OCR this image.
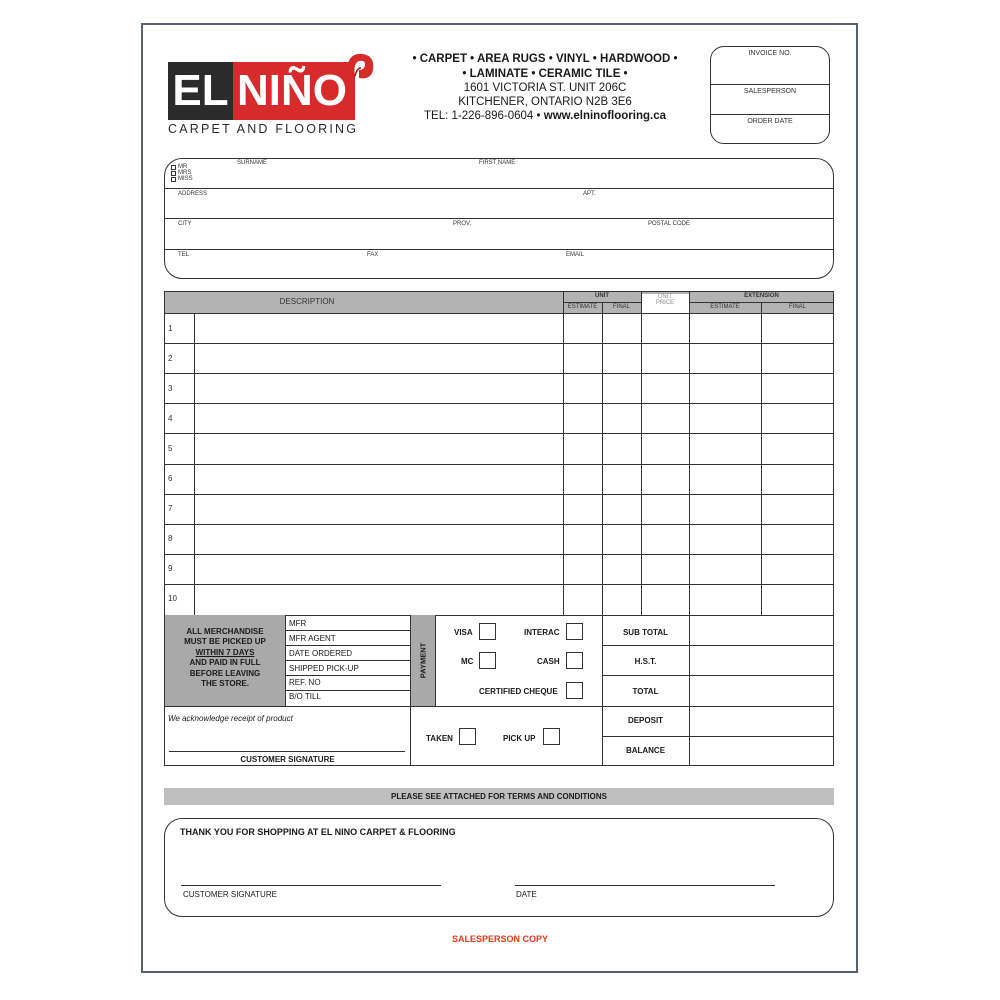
EL NIÑO
CARPET AND FLOORING
• CARPET • AREA RUGS • VINYL • HARDWOOD •
• LAMINATE • CERAMIC TILE •
1601 VICTORIA ST. UNIT 206C
KITCHENER, ONTARIO N2B 3E6
TEL: 1-226-896-0604 • www.elninoflooring.ca
INVOICE NO.
SALESPERSON
ORDER DATE
MR
MRS
MISS
SURNAME	FIRST NAME
ADDRESS	APT.
CITY	PROV.	POSTAL CODE
TEL	FAX	EMAIL
DESCRIPTION
UNIT
ESTIMATE	FINAL
UNIT
PRICE
EXTENSION
ESTIMATE	FINAL
1
2
3
4
5
6
7
8
9
10
ALL MERCHANDISE
MUST BE PICKED UP
WITHIN 7 DAYS
AND PAID IN FULL
BEFORE LEAVING
THE STORE.
MFR
MFR AGENT
DATE ORDERED
SHIPPED PICK-UP
REF. NO
B/O TILL
PAYMENT
VISA	INTERAC
MC	CASH
CERTIFIED CHEQUE
SUB TOTAL
H.S.T.
TOTAL
DEPOSIT
BALANCE
We acknowledge receipt of product
CUSTOMER SIGNATURE
TAKEN	PICK UP
PLEASE SEE ATTACHED FOR TERMS AND CONDITIONS
THANK YOU FOR SHOPPING AT EL NINO CARPET & FLOORING
CUSTOMER SIGNATURE	DATE
SALESPERSON COPY
